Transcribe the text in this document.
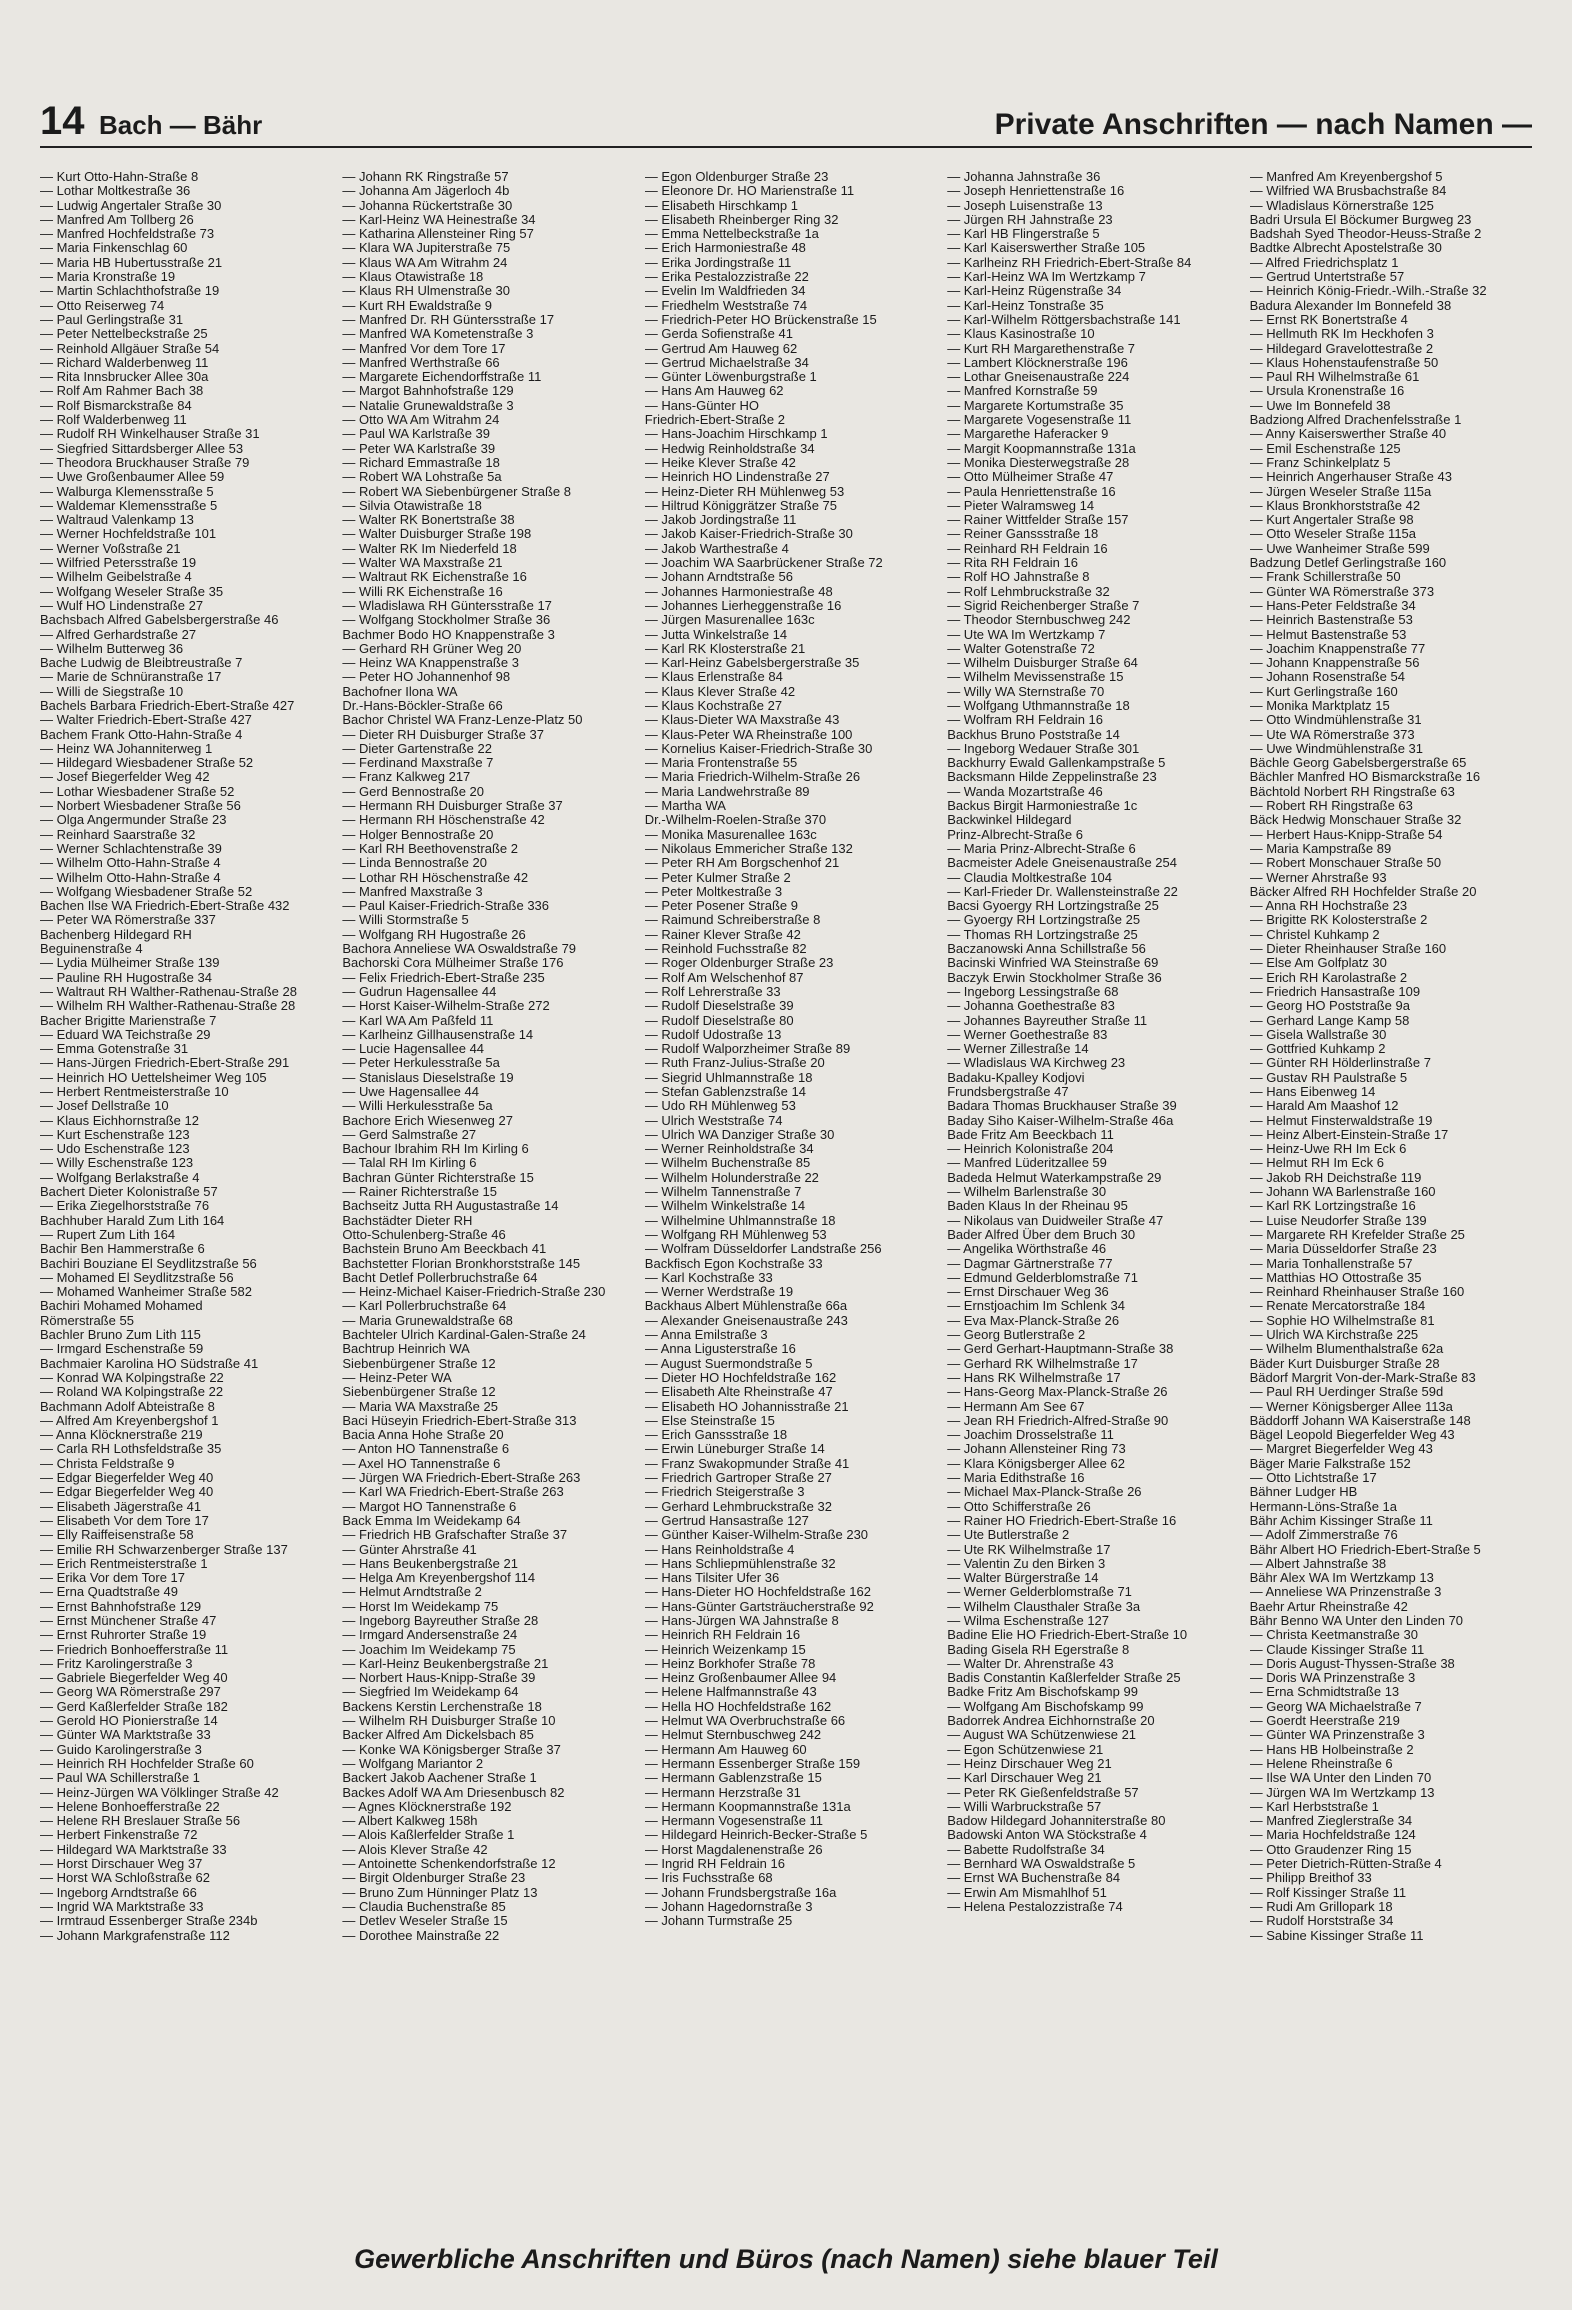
14 Bach — Bähr	Private Anschriften — nach Namen —
— Kurt Otto-Hahn-Straße 8
— Lothar Moltkestraße 36
— Ludwig Angertaler Straße 30
— Manfred Am Tollberg 26
— Manfred Hochfeldstraße 73
— Maria Finkenschlag 60
— Maria HB Hubertusstraße 21
— Maria Kronstraße 19
— Martin Schlachthofstraße 19
— Otto Reiserweg 74
— Paul Gerlingstraße 31
— Peter Nettelbeckstraße 25
— Reinhold Allgäuer Straße 54
— Richard Walderbenweg 11
— Rita Innsbrucker Allee 30a
— Rolf Am Rahmer Bach 38
— Rolf Bismarckstraße 84
— Rolf Walderbenweg 11
— Rudolf RH Winkelhauser Straße 31
— Siegfried Sittardsberger Allee 53
— Theodora Bruckhauser Straße 79
— Uwe Großenbaumer Allee 59
— Walburga Klemensstraße 5
— Waldemar Klemensstraße 5
— Waltraud Valenkamp 13
— Werner Hochfeldstraße 101
— Werner Voßstraße 21
— Wilfried Petersstraße 19
— Wilhelm Geibelstraße 4
— Wolfgang Weseler Straße 35
— Wulf HO Lindenstraße 27
Bachsbach Alfred Gabelsbergerstraße 46
— Alfred Gerhardstraße 27
— Wilhelm Butterweg 36
Bache Ludwig de Bleibtreustraße 7
— Marie de Schnüranstraße 17
— Willi de Siegstraße 10
Bachels Barbara Friedrich-Ebert-Straße 427
— Walter Friedrich-Ebert-Straße 427
Bachem Frank Otto-Hahn-Straße 4
— Heinz WA Johanniterweg 1
— Hildegard Wiesbadener Straße 52
— Josef Biegerfelder Weg 42
— Lothar Wiesbadener Straße 52
— Norbert Wiesbadener Straße 56
— Olga Angermunder Straße 23
— Reinhard Saarstraße 32
— Werner Schlachtenstraße 39
— Wilhelm Otto-Hahn-Straße 4
— Wilhelm Otto-Hahn-Straße 4
— Wolfgang Wiesbadener Straße 52
Bachen Ilse WA Friedrich-Ebert-Straße 432
— Peter WA Römerstraße 337
Bachenberg Hildegard RH
Beguinenstraße 4
— Lydia Mülheimer Straße 139
— Pauline RH Hugostraße 34
— Waltraut RH Walther-Rathenau-Straße 28
— Wilhelm RH Walther-Rathenau-Straße 28
Bacher Brigitte Marienstraße 7
— Eduard WA Teichstraße 29
— Emma Gotenstraße 31
— Hans-Jürgen Friedrich-Ebert-Straße 291
— Heinrich HO Uettelsheimer Weg 105
— Herbert Rentmeisterstraße 10
— Josef Dellstraße 10
— Klaus Eichhornstraße 12
— Kurt Eschenstraße 123
— Udo Eschenstraße 123
— Willy Eschenstraße 123
— Wolfgang Berlakstraße 4
Bachert Dieter Kolonistraße 57
— Erika Ziegelhorststraße 76
Bachhuber Harald Zum Lith 164
— Rupert Zum Lith 164
Bachir Ben Hammerstraße 6
Bachiri Bouziane El Seydlitzstraße 56
— Mohamed El Seydlitzstraße 56
— Mohamed Wanheimer Straße 582
Bachiri Mohamed Mohamed
Römerstraße 55
Bachler Bruno Zum Lith 115
— Irmgard Eschenstraße 59
Bachmaier Karolina HO Südstraße 41
— Konrad WA Kolpingstraße 22
— Roland WA Kolpingstraße 22
Bachmann Adolf Abteistraße 8
— Alfred Am Kreyenbergshof 1
— Anna Klöcknerstraße 219
— Carla RH Lothsfeldstraße 35
— Christa Feldstraße 9
— Edgar Biegerfelder Weg 40
— Edgar Biegerfelder Weg 40
— Elisabeth Jägerstraße 41
— Elisabeth Vor dem Tore 17
— Elly Raiffeisenstraße 58
— Emilie RH Schwarzenberger Straße 137
— Erich Rentmeisterstraße 1
— Erika Vor dem Tore 17
— Erna Quadtstraße 49
— Ernst Bahnhofstraße 129
— Ernst Münchener Straße 47
— Ernst Ruhrorter Straße 19
— Friedrich Bonhoefferstraße 11
— Fritz Karolingerstraße 3
— Gabriele Biegerfelder Weg 40
— Georg WA Römerstraße 297
— Gerd Kaßlerfelder Straße 182
— Gerold HO Pionierstraße 14
— Günter WA Marktstraße 33
— Guido Karolingerstraße 3
— Heinrich RH Hochfelder Straße 60
— Paul WA Schillerstraße 1
— Heinz-Jürgen WA Völklinger Straße 42
— Helene Bonhoefferstraße 22
— Helene RH Breslauer Straße 56
— Herbert Finkenstraße 72
— Hildegard WA Marktstraße 33
— Horst Dirschauer Weg 37
— Horst WA Schloßstraße 62
— Ingeborg Arndtstraße 66
— Ingrid WA Marktstraße 33
— Irmtraud Essenberger Straße 234b
— Johann Markgrafenstraße 112
— Johann RK Ringstraße 57
— Johanna Am Jägerloch 4b
— Johanna Rückertstraße 30
— Karl-Heinz WA Heinestraße 34
— Katharina Allensteiner Ring 57
— Klara WA Jupiterstraße 75
— Klaus WA Am Witrahm 24
— Klaus Otawistraße 18
— Klaus RH Ulmenstraße 30
— Kurt RH Ewaldstraße 9
— Manfred Dr. RH Güntersstraße 17
— Manfred WA Kometenstraße 3
— Manfred Vor dem Tore 17
— Manfred Werthstraße 66
— Margarete Eichendorffstraße 11
— Margot Bahnhofstraße 129
— Natalie Grunewaldstraße 3
— Otto WA Am Witrahm 24
— Paul WA Karlstraße 39
— Peter WA Karlstraße 39
— Richard Emmastraße 18
— Robert WA Lohstraße 5a
— Robert WA Siebenbürgener Straße 8
— Silvia Otawistraße 18
— Walter RK Bonertstraße 38
— Walter Duisburger Straße 198
— Walter RK Im Niederfeld 18
— Walter WA Maxstraße 21
— Waltraut RK Eichenstraße 16
— Willi RK Eichenstraße 16
— Wladislawa RH Güntersstraße 17
— Wolfgang Stockholmer Straße 36
Bachmer Bodo HO Knappenstraße 3
— Gerhard RH Grüner Weg 20
— Heinz WA Knappenstraße 3
— Peter HO Johannenhof 98
Bachofner Ilona WA
Dr.-Hans-Böckler-Straße 66
Bachor Christel WA Franz-Lenze-Platz 50
— Dieter RH Duisburger Straße 37
— Dieter Gartenstraße 22
— Ferdinand Maxstraße 7
— Franz Kalkweg 217
— Gerd Bennostraße 20
— Hermann RH Duisburger Straße 37
— Hermann RH Höschenstraße 42
— Holger Bennostraße 20
— Karl RH Beethovenstraße 2
— Linda Bennostraße 20
— Lothar RH Höschenstraße 42
— Manfred Maxstraße 3
— Paul Kaiser-Friedrich-Straße 336
— Willi Stormstraße 5
— Wolfgang RH Hugostraße 26
Bachora Anneliese WA Oswaldstraße 79
Bachorski Cora Mülheimer Straße 176
— Felix Friedrich-Ebert-Straße 235
— Gudrun Hagensallee 44
— Horst Kaiser-Wilhelm-Straße 272
— Karl WA Am Paßfeld 11
— Karlheinz Gillhausenstraße 14
— Lucie Hagensallee 44
— Peter Herkulesstraße 5a
— Stanislaus Dieselstraße 19
— Uwe Hagensallee 44
— Willi Herkulesstraße 5a
Bachore Erich Wiesenweg 27
— Gerd Salmstraße 27
Bachour Ibrahim RH Im Kirling 6
— Talal RH Im Kirling 6
Bachran Günter Richterstraße 15
— Rainer Richterstraße 15
Bachseitz Jutta RH Augustastraße 14
Bachstädter Dieter RH
Otto-Schulenberg-Straße 46
Bachstein Bruno Am Beeckbach 41
Bachstetter Florian Bronkhorststraße 145
Bacht Detlef Pollerbruchstraße 64
— Heinz-Michael Kaiser-Friedrich-Straße 230
— Karl Pollerbruchstraße 64
— Maria Grunewaldstraße 68
Bachteler Ulrich Kardinal-Galen-Straße 24
Bachtrup Heinrich WA
Siebenbürgener Straße 12
— Heinz-Peter WA
Siebenbürgener Straße 12
— Maria WA Maxstraße 25
Baci Hüseyin Friedrich-Ebert-Straße 313
Bacia Anna Hohe Straße 20
— Anton HO Tannenstraße 6
— Axel HO Tannenstraße 6
— Jürgen WA Friedrich-Ebert-Straße 263
— Karl WA Friedrich-Ebert-Straße 263
— Margot HO Tannenstraße 6
Back Emma Im Weidekamp 64
— Friedrich HB Grafschafter Straße 37
— Günter Ahrstraße 41
— Hans Beukenbergstraße 21
— Helga Am Kreyenbergshof 114
— Helmut Arndtstraße 2
— Horst Im Weidekamp 75
— Ingeborg Bayreuther Straße 28
— Irmgard Andersenstraße 24
— Joachim Im Weidekamp 75
— Karl-Heinz Beukenbergstraße 21
— Norbert Haus-Knipp-Straße 39
— Siegfried Im Weidekamp 64
Backens Kerstin Lerchenstraße 18
— Wilhelm RH Duisburger Straße 10
Backer Alfred Am Dickelsbach 85
— Konke WA Königsberger Straße 37
— Wolfgang Mariantor 2
Backert Jakob Aachener Straße 1
Backes Adolf WA Am Driesenbusch 82
— Agnes Klöcknerstraße 192
— Albert Kalkweg 158h
— Alois Kaßlerfelder Straße 1
— Alois Klever Straße 42
— Antoinette Schenkendorfstraße 12
— Birgit Oldenburger Straße 23
— Bruno Zum Hünninger Platz 13
— Claudia Buchenstraße 85
— Detlev Weseler Straße 15
— Dorothee Mainstraße 22
— Egon Oldenburger Straße 23
— Eleonore Dr. HO Marienstraße 11
— Elisabeth Hirschkamp 1
— Elisabeth Rheinberger Ring 32
— Emma Nettelbeckstraße 1a
— Erich Harmoniestraße 48
— Erika Jordingstraße 11
— Erika Pestalozzistraße 22
— Evelin Im Waldfrieden 34
— Friedhelm Weststraße 74
— Friedrich-Peter HO Brückenstraße 15
— Gerda Sofienstraße 41
— Gertrud Am Hauweg 62
— Gertrud Michaelstraße 34
— Günter Löwenburgstraße 1
— Hans Am Hauweg 62
— Hans-Günter HO
Friedrich-Ebert-Straße 2
— Hans-Joachim Hirschkamp 1
— Hedwig Reinholdstraße 34
— Heike Klever Straße 42
— Heinrich HO Lindenstraße 27
— Heinz-Dieter RH Mühlenweg 53
— Hiltrud Königgrätzer Straße 75
— Jakob Jordingstraße 11
— Jakob Kaiser-Friedrich-Straße 30
— Jakob Warthestraße 4
— Joachim WA Saarbrückener Straße 72
— Johann Arndtstraße 56
— Johannes Harmoniestraße 48
— Johannes Lierheggenstraße 16
— Jürgen Masurenallee 163c
— Jutta Winkelstraße 14
— Karl RK Klosterstraße 21
— Karl-Heinz Gabelsbergerstraße 35
— Klaus Erlenstraße 84
— Klaus Klever Straße 42
— Klaus Kochstraße 27
— Klaus-Dieter WA Maxstraße 43
— Klaus-Peter WA Rheinstraße 100
— Kornelius Kaiser-Friedrich-Straße 30
— Maria Frontenstraße 55
— Maria Friedrich-Wilhelm-Straße 26
— Maria Landwehrstraße 89
— Martha WA
Dr.-Wilhelm-Roelen-Straße 370
— Monika Masurenallee 163c
— Nikolaus Emmericher Straße 132
— Peter RH Am Borgschenhof 21
— Peter Kulmer Straße 2
— Peter Moltkestraße 3
— Peter Posener Straße 9
— Raimund Schreiberstraße 8
— Rainer Klever Straße 42
— Reinhold Fuchsstraße 82
— Roger Oldenburger Straße 23
— Rolf Am Welschenhof 87
— Rolf Lehrerstraße 33
— Rudolf Dieselstraße 39
— Rudolf Dieselstraße 80
— Rudolf Udostraße 13
— Rudolf Walporzheimer Straße 89
— Ruth Franz-Julius-Straße 20
— Siegrid Uhlmannstraße 18
— Stefan Gablenzstraße 14
— Udo RH Mühlenweg 53
— Ulrich Weststraße 74
— Ulrich WA Danziger Straße 30
— Werner Reinholdstraße 34
— Wilhelm Buchenstraße 85
— Wilhelm Holunderstraße 22
— Wilhelm Tannenstraße 7
— Wilhelm Winkelstraße 14
— Wilhelmine Uhlmannstraße 18
— Wolfgang RH Mühlenweg 53
— Wolfram Düsseldorfer Landstraße 256
Backfisch Egon Kochstraße 33
— Karl Kochstraße 33
— Werner Werdstraße 19
Backhaus Albert Mühlenstraße 66a
— Alexander Gneisenaustraße 243
— Anna Emilstraße 3
— Anna Ligusterstraße 16
— August Suermondstraße 5
— Dieter HO Hochfeldstraße 162
— Elisabeth Alte Rheinstraße 47
— Elisabeth HO Johannisstraße 21
— Else Steinstraße 15
— Erich Ganssstraße 18
— Erwin Lüneburger Straße 14
— Franz Swakopmunder Straße 41
— Friedrich Gartroper Straße 27
— Friedrich Steigerstraße 3
— Gerhard Lehmbruckstraße 32
— Gertrud Hansastraße 127
— Günther Kaiser-Wilhelm-Straße 230
— Hans Reinholdstraße 4
— Hans Schliepmühlenstraße 32
— Hans Tilsiter Ufer 36
— Hans-Dieter HO Hochfeldstraße 162
— Hans-Günter Gartsträucherstraße 92
— Hans-Jürgen WA Jahnstraße 8
— Heinrich RH Feldrain 16
— Heinrich Weizenkamp 15
— Heinz Borkhofer Straße 78
— Heinz Großenbaumer Allee 94
— Helene Halfmannstraße 43
— Hella HO Hochfeldstraße 162
— Helmut WA Overbruchstraße 66
— Helmut Sternbuschweg 242
— Hermann Am Hauweg 60
— Hermann Essenberger Straße 159
— Hermann Gablenzstraße 15
— Hermann Herzstraße 31
— Hermann Koopmannstraße 131a
— Hermann Vogesenstraße 11
— Hildegard Heinrich-Becker-Straße 5
— Horst Magdalenenstraße 26
— Ingrid RH Feldrain 16
— Iris Fuchsstraße 68
— Johann Frundsbergstraße 16a
— Johann Hagedornstraße 3
— Johann Turmstraße 25
— Johanna Jahnstraße 36
— Joseph Henriettenstraße 16
— Joseph Luisenstraße 13
— Jürgen RH Jahnstraße 23
— Karl HB Flingerstraße 5
— Karl Kaiserswerther Straße 105
— Karlheinz RH Friedrich-Ebert-Straße 84
— Karl-Heinz WA Im Wertzkamp 7
— Karl-Heinz Rügenstraße 34
— Karl-Heinz Tonstraße 35
— Karl-Wilhelm Röttgersbachstraße 141
— Klaus Kasinostraße 10
— Kurt RH Margarethenstraße 7
— Lambert Klöcknerstraße 196
— Lothar Gneisenaustraße 224
— Manfred Kornstraße 59
— Margarete Kortumstraße 35
— Margarete Vogesenstraße 11
— Margarethe Haferacker 9
— Margit Koopmannstraße 131a
— Monika Diesterwegstraße 28
— Otto Mülheimer Straße 47
— Paula Henriettenstraße 16
— Pieter Walramsweg 14
— Rainer Wittfelder Straße 157
— Reiner Ganssstraße 18
— Reinhard RH Feldrain 16
— Rita RH Feldrain 16
— Rolf HO Jahnstraße 8
— Rolf Lehmbruckstraße 32
— Sigrid Reichenberger Straße 7
— Theodor Sternbuschweg 242
— Ute WA Im Wertzkamp 7
— Walter Gotenstraße 72
— Wilhelm Duisburger Straße 64
— Wilhelm Mevissenstraße 15
— Willy WA Sternstraße 70
— Wolfgang Uthmannstraße 18
— Wolfram RH Feldrain 16
Backhus Bruno Poststraße 14
— Ingeborg Wedauer Straße 301
Backhurry Ewald Gallenkampstraße 5
Backsmann Hilde Zeppelinstraße 23
— Wanda Mozartstraße 46
Backus Birgit Harmoniestraße 1c
Backwinkel Hildegard
Prinz-Albrecht-Straße 6
— Maria Prinz-Albrecht-Straße 6
Bacmeister Adele Gneisenaustraße 254
— Claudia Moltkestraße 104
— Karl-Frieder Dr. Wallensteinstraße 22
Bacsi Gyoergy RH Lortzingstraße 25
— Gyoergy RH Lortzingstraße 25
— Thomas RH Lortzingstraße 25
Baczanowski Anna Schillstraße 56
Bacinski Winfried WA Steinstraße 69
Baczyk Erwin Stockholmer Straße 36
— Ingeborg Lessingstraße 68
— Johanna Goethestraße 83
— Johannes Bayreuther Straße 11
— Werner Goethestraße 83
— Werner Zillestraße 14
— Wladislaus WA Kirchweg 23
Badaku-Kpalley Kodjovi
Frundsbergstraße 47
Badara Thomas Bruckhauser Straße 39
Baday Siho Kaiser-Wilhelm-Straße 46a
Bade Fritz Am Beeckbach 11
— Heinrich Kolonistraße 204
— Manfred Lüderitzallee 59
Badeda Helmut Waterkampstraße 29
— Wilhelm Barlenstraße 30
Baden Klaus In der Rheinau 95
— Nikolaus van Duidweiler Straße 47
Bader Alfred Über dem Bruch 30
— Angelika Wörthstraße 46
— Dagmar Gärtnerstraße 77
— Edmund Gelderblomstraße 71
— Ernst Dirschauer Weg 36
— Ernstjoachim Im Schlenk 34
— Eva Max-Planck-Straße 26
— Georg Butlerstraße 2
— Gerd Gerhart-Hauptmann-Straße 38
— Gerhard RK Wilhelmstraße 17
— Hans RK Wilhelmstraße 17
— Hans-Georg Max-Planck-Straße 26
— Hermann Am See 67
— Jean RH Friedrich-Alfred-Straße 90
— Joachim Drosselstraße 11
— Johann Allensteiner Ring 73
— Klara Königsberger Allee 62
— Maria Edithstraße 16
— Michael Max-Planck-Straße 26
— Otto Schifferstraße 26
— Rainer HO Friedrich-Ebert-Straße 16
— Ute Butlerstraße 2
— Ute RK Wilhelmstraße 17
— Valentin Zu den Birken 3
— Walter Bürgerstraße 14
— Werner Gelderblomstraße 71
— Wilhelm Clausthaler Straße 3a
— Wilma Eschenstraße 127
Badine Elie HO Friedrich-Ebert-Straße 10
Bading Gisela RH Egerstraße 8
— Walter Dr. Ahrenstraße 43
Badis Constantin Kaßlerfelder Straße 25
Badke Fritz Am Bischofskamp 99
— Wolfgang Am Bischofskamp 99
Badorrek Andrea Eichhornstraße 20
— August WA Schützenwiese 21
— Egon Schützenwiese 21
— Heinz Dirschauer Weg 21
— Karl Dirschauer Weg 21
— Peter RK Gießenfeldstraße 57
— Willi Warbruckstraße 57
Badow Hildegard Johanniterstraße 80
Badowski Anton WA Stöckstraße 4
— Babette Rudolfstraße 34
— Bernhard WA Oswaldstraße 5
— Ernst WA Buchenstraße 84
— Erwin Am Mismahlhof 51
— Helena Pestalozzistraße 74
— Manfred Am Kreyenbergshof 5
— Wilfried WA Brusbachstraße 84
— Wladislaus Körnerstraße 125
Badri Ursula El Böckumer Burgweg 23
Badshah Syed Theodor-Heuss-Straße 2
Badtke Albrecht Apostelstraße 30
— Alfred Friedrichsplatz 1
— Gertrud Untertstraße 57
— Heinrich König-Friedr.-Wilh.-Straße 32
Badura Alexander Im Bonnefeld 38
— Ernst RK Bonertstraße 4
— Hellmuth RK Im Heckhofen 3
— Hildegard Gravelottestraße 2
— Klaus Hohenstaufenstraße 50
— Paul RH Wilhelmstraße 61
— Ursula Kronenstraße 16
— Uwe Im Bonnefeld 38
Badziong Alfred Drachenfelsstraße 1
— Anny Kaiserswerther Straße 40
— Emil Eschenstraße 125
— Franz Schinkelplatz 5
— Heinrich Angerhauser Straße 43
— Jürgen Weseler Straße 115a
— Klaus Bronkhorststraße 42
— Kurt Angertaler Straße 98
— Otto Weseler Straße 115a
— Uwe Wanheimer Straße 599
Badzung Detlef Gerlingstraße 160
— Frank Schillerstraße 50
— Günter WA Römerstraße 373
— Hans-Peter Feldstraße 34
— Heinrich Bastenstraße 53
— Helmut Bastenstraße 53
— Joachim Knappenstraße 77
— Johann Knappenstraße 56
— Johann Rosenstraße 54
— Kurt Gerlingstraße 160
— Monika Marktplatz 15
— Otto Windmühlenstraße 31
— Ute WA Römerstraße 373
— Uwe Windmühlenstraße 31
Bächle Georg Gabelsbergerstraße 65
Bächler Manfred HO Bismarckstraße 16
Bächtold Norbert RH Ringstraße 63
— Robert RH Ringstraße 63
Bäck Hedwig Monschauer Straße 32
— Herbert Haus-Knipp-Straße 54
— Maria Kampstraße 89
— Robert Monschauer Straße 50
— Werner Ahrstraße 93
Bäcker Alfred RH Hochfelder Straße 20
— Anna RH Hochstraße 23
— Brigitte RK Kolosterstraße 2
— Christel Kuhkamp 2
— Dieter Rheinhauser Straße 160
— Else Am Golfplatz 30
— Erich RH Karolastraße 2
— Friedrich Hansastraße 109
— Georg HO Poststraße 9a
— Gerhard Lange Kamp 58
— Gisela Wallstraße 30
— Gottfried Kuhkamp 2
— Günter RH Hölderlinstraße 7
— Gustav RH Paulstraße 5
— Hans Eibenweg 14
— Harald Am Maashof 12
— Helmut Finsterwaldstraße 19
— Heinz Albert-Einstein-Straße 17
— Heinz-Uwe RH Im Eck 6
— Helmut RH Im Eck 6
— Jakob RH Deichstraße 119
— Johann WA Barlenstraße 160
— Karl RK Lortzingstraße 16
— Luise Neudorfer Straße 139
— Margarete RH Krefelder Straße 25
— Maria Düsseldorfer Straße 23
— Maria Tonhallenstraße 57
— Matthias HO Ottostraße 35
— Reinhard Rheinhauser Straße 160
— Renate Mercatorstraße 184
— Sophie HO Wilhelmstraße 81
— Ulrich WA Kirchstraße 225
— Wilhelm Blumenthalstraße 62a
Bäder Kurt Duisburger Straße 28
Bädorf Margrit Von-der-Mark-Straße 83
— Paul RH Uerdinger Straße 59d
— Werner Königsberger Allee 113a
Bäddorff Johann WA Kaiserstraße 148
Bägel Leopold Biegerfelder Weg 43
— Margret Biegerfelder Weg 43
Bäger Marie Falkstraße 152
— Otto Lichtstraße 17
Bähner Ludger HB
Hermann-Löns-Straße 1a
Bähr Achim Kissinger Straße 11
— Adolf Zimmerstraße 76
Bähr Albert HO Friedrich-Ebert-Straße 5
— Albert Jahnstraße 38
Bähr Alex WA Im Wertzkamp 13
— Anneliese WA Prinzenstraße 3
Baehr Artur Rheinstraße 42
Bähr Benno WA Unter den Linden 70
— Christa Keetmanstraße 30
— Claude Kissinger Straße 11
— Doris August-Thyssen-Straße 38
— Doris WA Prinzenstraße 3
— Erna Schmidtstraße 13
— Georg WA Michaelstraße 7
— Goerdt Heerstraße 219
— Günter WA Prinzenstraße 3
— Hans HB Holbeinstraße 2
— Helene Rheinstraße 6
— Ilse WA Unter den Linden 70
— Jürgen WA Im Wertzkamp 13
— Karl Herbststraße 1
— Manfred Zieglerstraße 34
— Maria Hochfeldstraße 124
— Otto Graudenzer Ring 15
— Peter Dietrich-Rütten-Straße 4
— Philipp Breithof 33
— Rolf Kissinger Straße 11
— Rudi Am Grillopark 18
— Rudolf Horststraße 34
— Sabine Kissinger Straße 11
Gewerbliche Anschriften und Büros (nach Namen) siehe blauer Teil
